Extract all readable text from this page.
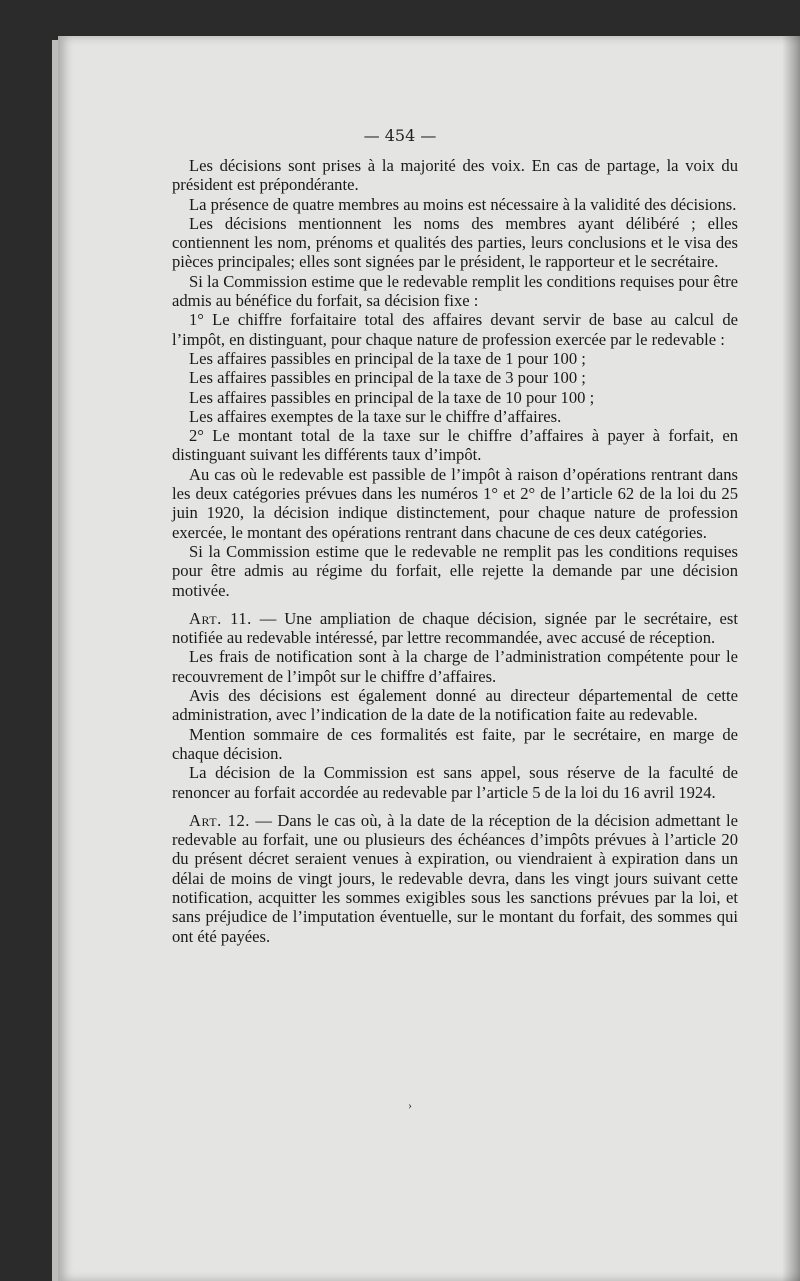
— 454 —

Les décisions sont prises à la majorité des voix. En cas de partage, la voix du président est prépondérante.

La présence de quatre membres au moins est nécessaire à la validité des décisions.

Les décisions mentionnent les noms des membres ayant délibéré ; elles contiennent les nom, prénoms et qualités des parties, leurs conclusions et le visa des pièces principales; elles sont signées par le président, le rapporteur et le secrétaire.

Si la Commission estime que le redevable remplit les conditions requises pour être admis au bénéfice du forfait, sa décision fixe :

1° Le chiffre forfaitaire total des affaires devant servir de base au calcul de l’impôt, en distinguant, pour chaque nature de profession exercée par le redevable :

Les affaires passibles en principal de la taxe de 1 pour 100 ;

Les affaires passibles en principal de la taxe de 3 pour 100 ;

Les affaires passibles en principal de la taxe de 10 pour 100 ;

Les affaires exemptes de la taxe sur le chiffre d’affaires.

2° Le montant total de la taxe sur le chiffre d’affaires à payer à forfait, en distinguant suivant les différents taux d’impôt.

Au cas où le redevable est passible de l’impôt à raison d’opérations rentrant dans les deux catégories prévues dans les numéros 1° et 2° de l’article 62 de la loi du 25 juin 1920, la décision indique distinctement, pour chaque nature de profession exercée, le montant des opérations rentrant dans chacune de ces deux catégories.

Si la Commission estime que le redevable ne remplit pas les conditions requises pour être admis au régime du forfait, elle rejette la demande par une décision motivée.

Art. 11. — Une ampliation de chaque décision, signée par le secrétaire, est notifiée au redevable intéressé, par lettre recommandée, avec accusé de réception.

Les frais de notification sont à la charge de l’administration compétente pour le recouvrement de l’impôt sur le chiffre d’affaires.

Avis des décisions est également donné au directeur départemental de cette administration, avec l’indication de la date de la notification faite au redevable.

Mention sommaire de ces formalités est faite, par le secrétaire, en marge de chaque décision.

La décision de la Commission est sans appel, sous réserve de la faculté de renoncer au forfait accordée au redevable par l’article 5 de la loi du 16 avril 1924.

Art. 12. — Dans le cas où, à la date de la réception de la décision admettant le redevable au forfait, une ou plusieurs des échéances d’impôts prévues à l’article 20 du présent décret seraient venues à expiration, ou viendraient à expiration dans un délai de moins de vingt jours, le redevable devra, dans les vingt jours suivant cette notification, acquitter les sommes exigibles sous les sanctions prévues par la loi, et sans préjudice de l’imputation éventuelle, sur le montant du forfait, des sommes qui ont été payées.

›
